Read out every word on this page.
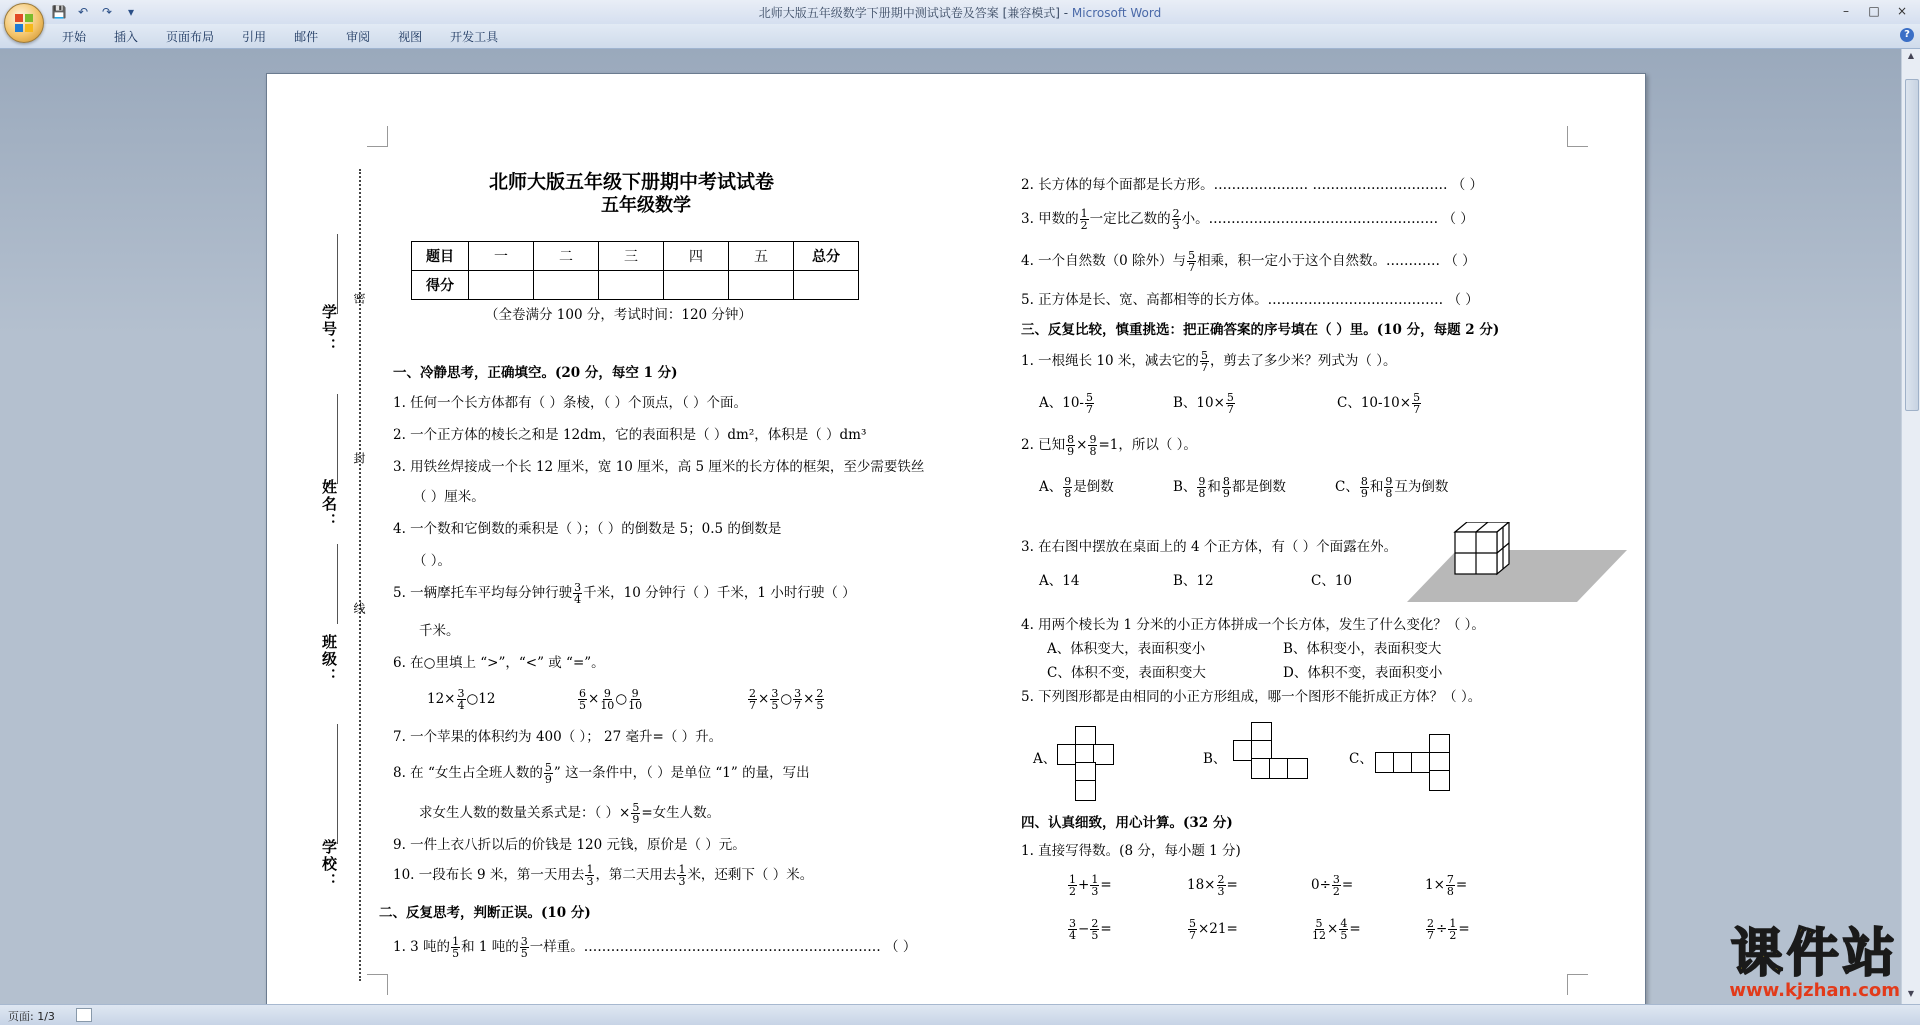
💾 ↶	↷	▾	北师大版五年级数学下册期中测试试卷及答案 [兼容模式] - Microsoft Word	–	□	×
开始	插入	页面布局	引用	邮件	审阅	视图	开发工具	?
▲
▼
学号：
密
姓名：
封
班级：
线
学校：
北师大版五年级下册期中考试试卷
五年级数学
题目	一	二	三	四	五	总分
得分						
（全卷满分 100 分，考试时间：120 分钟）
一、冷静思考，正确填空。(20 分，每空 1 分)
1. 任何一个长方体都有（ ）条棱，（ ）个顶点，（ ）个面。
2. 一个正方体的棱长之和是 12dm，它的表面积是（ ）dm²，体积是（ ）dm³
3. 用铁丝焊接成一个长 12 厘米，宽 10 厘米，高 5 厘米的长方体的框架，至少需要铁丝
（ ）厘米。
4. 一个数和它倒数的乘积是（ ）；（ ）的倒数是 5；0.5 的倒数是
（ ）。
5. 一辆摩托车平均每分钟行驶 $\frac{3}{4}$ 千米，10 分钟行（ ）千米，1 小时行驶（ ）
千米。
6. 在○里填上 “>”，“<” 或 “=”。
$12\times \frac{3}{4}$ ○12	$\frac{6}{5} \times \frac{9}{10}$ ○ $\frac{9}{10}$	$\frac{2}{7} \times \frac{3}{5}$ ○ $\frac{3}{7} \times \frac{2}{5}$
7. 一个苹果的体积约为 400（ ）； 27 毫升=（ ）升。
8. 在 “女生占全班人数的 $\frac{5}{9}$ ” 这一条件中，（ ）是单位 “1” 的量，写出
求女生人数的数量关系式是：（ ）× $\frac{5}{9}$ =女生人数。
9. 一件上衣八折以后的价钱是 120 元钱，原价是（ ）元。
10. 一段布长 9 米，第一天用去 $\frac{1}{3}$ ，第二天用去 $\frac{1}{3}$ 米，还剩下（ ）米。
二、反复思考，判断正误。(10 分)
1. 3 吨的 $\frac{1}{5}$ 和 1 吨的 $\frac{3}{5}$ 一样重。………………………………………………………… （ ）
2. 长方体的每个面都是长方形。………………… ………………………… （ ）
3. 甲数的 $\frac{1}{2}$ 一定比乙数的 $\frac{2}{3}$ 小。…………………………………………… （ ）
4. 一个自然数（0 除外）与 $\frac{5}{7}$ 相乘，积一定小于这个自然数。………… （ ）
5. 正方体是长、宽、高都相等的长方体。………………………………… （ ）
三、反复比较，慎重挑选：把正确答案的序号填在（ ）里。(10 分，每题 2 分)
1. 一根绳长 10 米，减去它的 $\frac{5}{7}$ ，剪去了多少米？列式为（ ）。
A、$10- \frac{5}{7}$	B、$10\times \frac{5}{7}$	C、$10-10\times \frac{5}{7}$
2. 已知 $\frac{8}{9} \times \frac{9}{8} =1$，所以（ ）。
A、 $\frac{9}{8}$ 是倒数	B、 $\frac{9}{8}$ 和 $\frac{8}{9}$ 都是倒数	C、 $\frac{8}{9}$ 和 $\frac{9}{8}$ 互为倒数
3. 在右图中摆放在桌面上的 4 个正方体，有（ ）个面露在外。
A、14	B、12	C、10
4. 用两个棱长为 1 分米的小正方体拼成一个长方体，发生了什么变化？（ ）。
A、体积变大，表面积变小	B、体积变小，表面积变大
C、体积不变，表面积变大	D、体积不变，表面积变小
5. 下列图形都是由相同的小正方形组成，哪一个图形不能折成正方体？（ ）。
A、	B、	C、
四、认真细致，用心计算。(32 分)
1. 直接写得数。(8 分，每小题 1 分)
$\frac{1}{2} + \frac{1}{3}$ =	$18\times \frac{2}{3}$ =	$0\div \frac{3}{2}$ =	$1\times \frac{7}{8}$ =
$\frac{3}{4} - \frac{2}{5}$ =	$\frac{5}{7} \times 21=$	$\frac{5}{12} \times \frac{4}{5}$ =	$\frac{2}{7} \div \frac{1}{2}$ =	课件站
www.kjzhan.com
页面: 1/3
